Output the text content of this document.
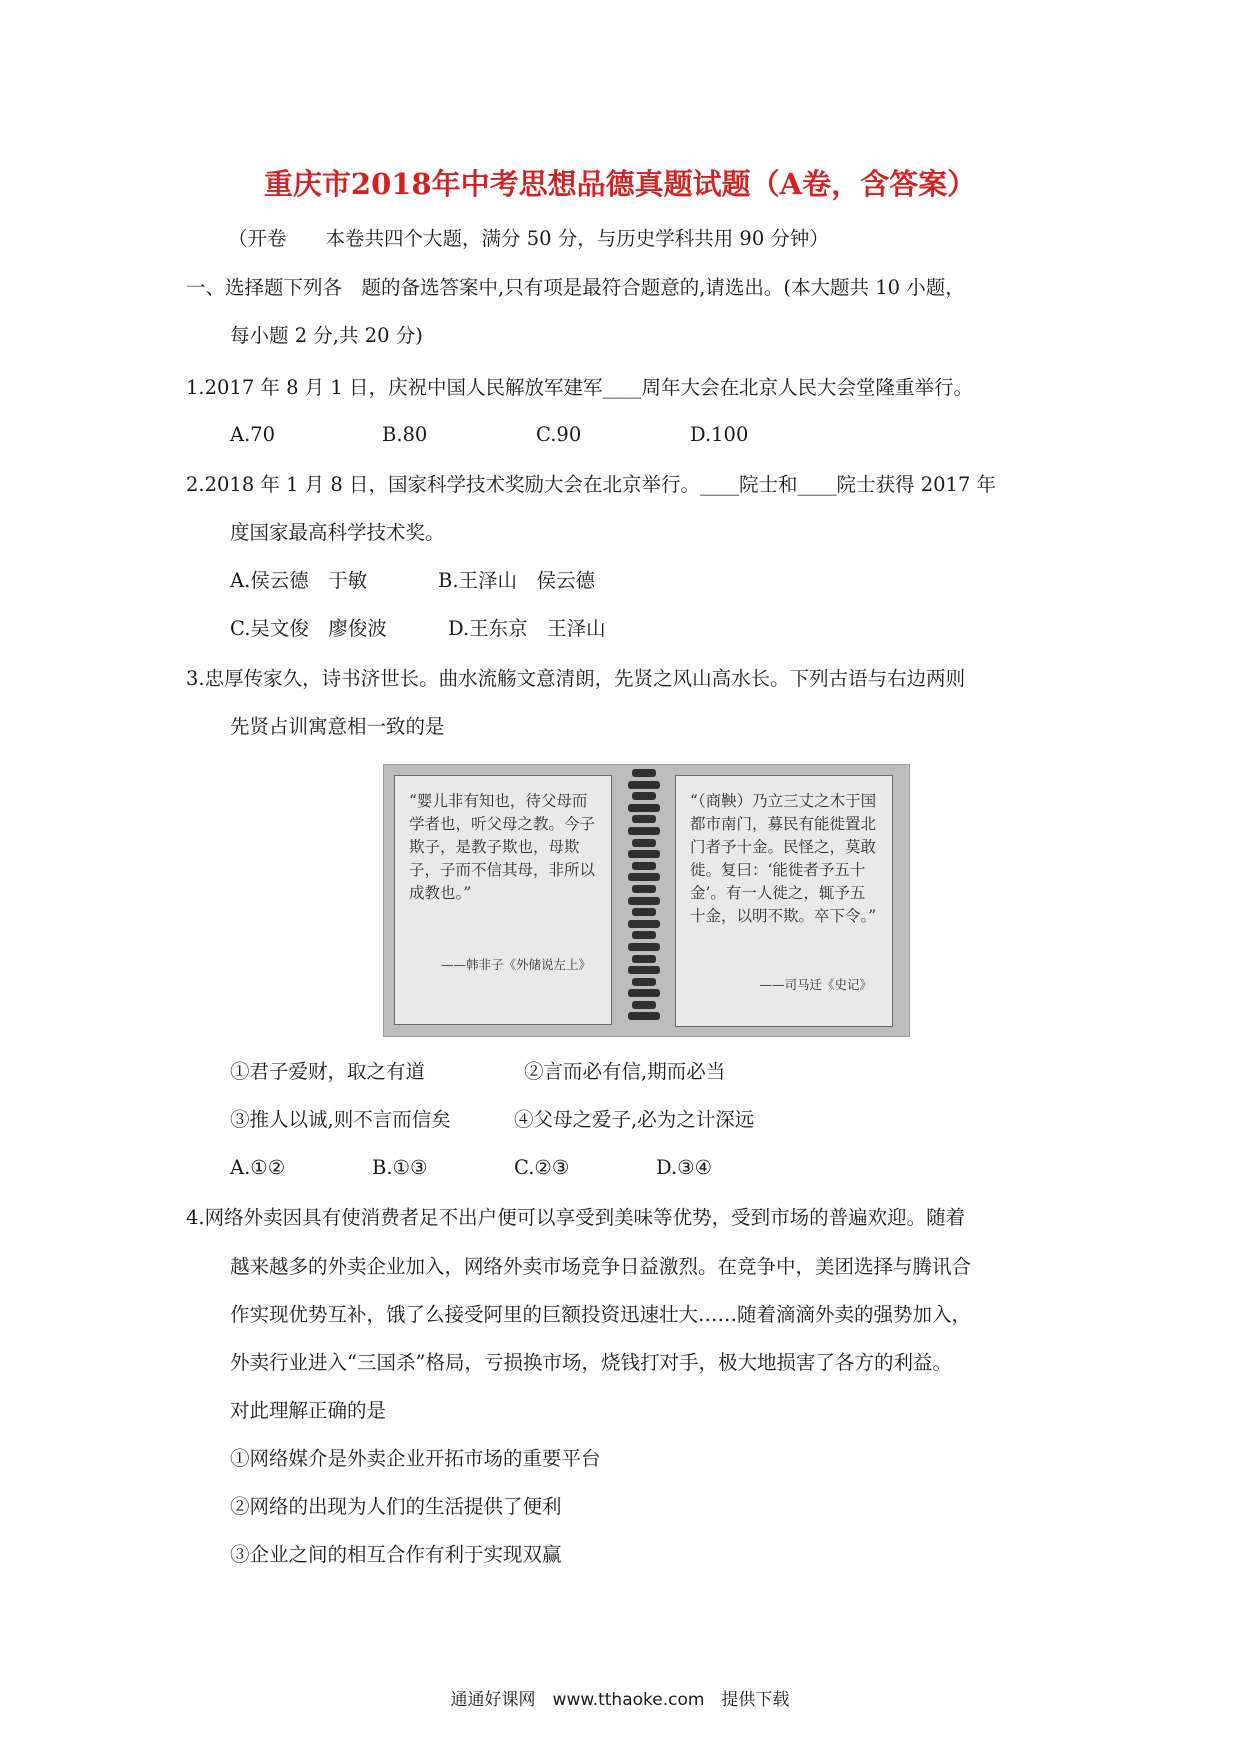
重庆市2018年中考思想品德真题试题（A卷，含答案）
（开卷　　本卷共四个大题，满分 50 分，与历史学科共用 90 分钟）
一、选择题下列各　题的备选答案中,只有项是最符合题意的,请选出。(本大题共 10 小题，
每小题 2 分,共 20 分)
1.2017 年 8 月 1 日，庆祝中国人民解放军建军____周年大会在北京人民大会堂隆重举行。
A.70	B.80	C.90	D.100
2.2018 年 1 月 8 日，国家科学技术奖励大会在北京举行。____院士和____院士获得 2017 年
度国家最高科学技术奖。
A.侯云德　于敏	B.王泽山　侯云德
C.吴文俊　廖俊波	D.王东京　王泽山
3.忠厚传家久，诗书济世长。曲水流觞文意清朗，先贤之风山高水长。下列古语与右边两则
先贤占训寓意相一致的是
“婴儿非有知也，待父母而学者也，听父母之教。今子欺子，是教子欺也，母欺子，子而不信其母，非所以成教也。”
——韩非子《外储说左上》
“（商鞅）乃立三丈之木于国都市南门，募民有能徙置北门者予十金。民怪之，莫敢徙。复曰：‘能徙者予五十金’。有一人徙之，辄予五十金，以明不欺。卒下令。”
——司马迁《史记》
①君子爱财，取之有道	②言而必有信,期而必当
③推人以诚,则不言而信矣	④父母之爱子,必为之计深远
A.①②	B.①③	C.②③	D.③④
4.网络外卖因具有使消费者足不出户便可以享受到美味等优势，受到市场的普遍欢迎。随着
越来越多的外卖企业加入，网络外卖市场竞争日益激烈。在竞争中，美团选择与腾讯合
作实现优势互补，饿了么接受阿里的巨额投资迅速壮大……随着滴滴外卖的强势加入，
外卖行业进入“三国杀”格局，亏损换市场，烧钱打对手，极大地损害了各方的利益。
对此理解正确的是
①网络媒介是外卖企业开拓市场的重要平台
②网络的出现为人们的生活提供了便利
③企业之间的相互合作有利于实现双赢
通通好课网　www.tthaoke.com　提供下载
